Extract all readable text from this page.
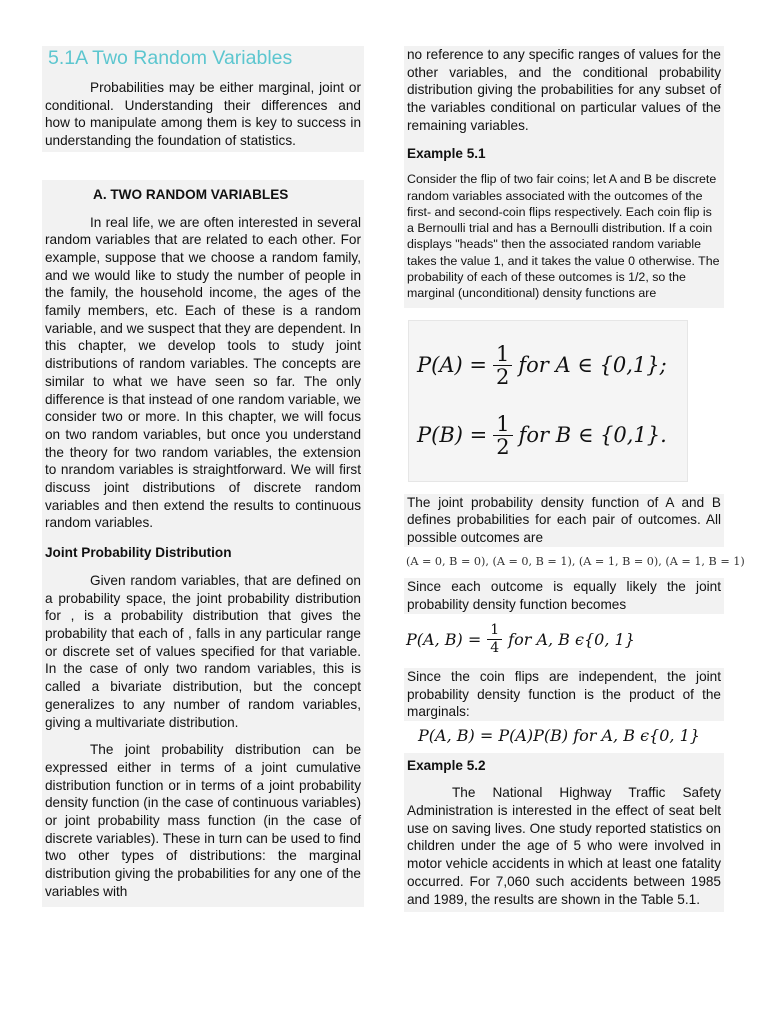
5.1A Two Random Variables

Probabilities may be either marginal, joint or conditional. Understanding their differences and how to manipulate among them is key to success in understanding the foundation of statistics.

A. TWO RANDOM VARIABLES

In real life, we are often interested in several random variables that are related to each other. For example, suppose that we choose a random family, and we would like to study the number of people in the family, the household income, the ages of the family members, etc. Each of these is a random variable, and we suspect that they are dependent. In this chapter, we develop tools to study joint distributions of random variables. The concepts are similar to what we have seen so far. The only difference is that instead of one random variable, we consider two or more. In this chapter, we will focus on two random variables, but once you understand the theory for two random variables, the extension to nrandom variables is straightforward. We will first discuss joint distributions of discrete random variables and then extend the results to continuous random variables.

Joint Probability Distribution

Given random variables, that are defined on a probability space, the joint probability distribution for , is a probability distribution that gives the probability that each of , falls in any particular range or discrete set of values specified for that variable. In the case of only two random variables, this is called a bivariate distribution, but the concept generalizes to any number of random variables, giving a multivariate distribution.

The joint probability distribution can be expressed either in terms of a joint cumulative distribution function or in terms of a joint probability density function (in the case of continuous variables) or joint probability mass function (in the case of discrete variables). These in turn can be used to find two other types of distributions: the marginal distribution giving the probabilities for any one of the variables with

no reference to any specific ranges of values for the other variables, and the conditional probability distribution giving the probabilities for any subset of the variables conditional on particular values of the remaining variables.

Example 5.1

Consider the flip of two fair coins; let A and B be discrete random variables associated with the outcomes of the first- and second-coin flips respectively. Each coin flip is a Bernoulli trial and has a Bernoulli distribution. If a coin displays "heads" then the associated random variable takes the value 1, and it takes the value 0 otherwise. The probability of each of these outcomes is 1/2, so the marginal (unconditional) density functions are

$P(A) = \frac{1}{2}$ for A ∈ {0,1};
$P(B) = \frac{1}{2}$ for B ∈ {0,1}.

The joint probability density function of A and B defines probabilities for each pair of outcomes. All possible outcomes are

(A = 0, B = 0), (A = 0, B = 1), (A = 1, B = 0), (A = 1, B = 1)

Since each outcome is equally likely the joint probability density function becomes

P(A, $B) = \frac{1}{4}$ for A, B ϵ{0, 1}

Since the coin flips are independent, the joint probability density function is the product of the marginals:

P(A, B) = P(A)P(B) for A, B ϵ{0, 1}
Example 5.2

The National Highway Traffic Safety Administration is interested in the effect of seat belt use on saving lives. One study reported statistics on children under the age of 5 who were involved in motor vehicle accidents in which at least one fatality occurred. For 7,060 such accidents between 1985 and 1989, the results are shown in the Table 5.1.
